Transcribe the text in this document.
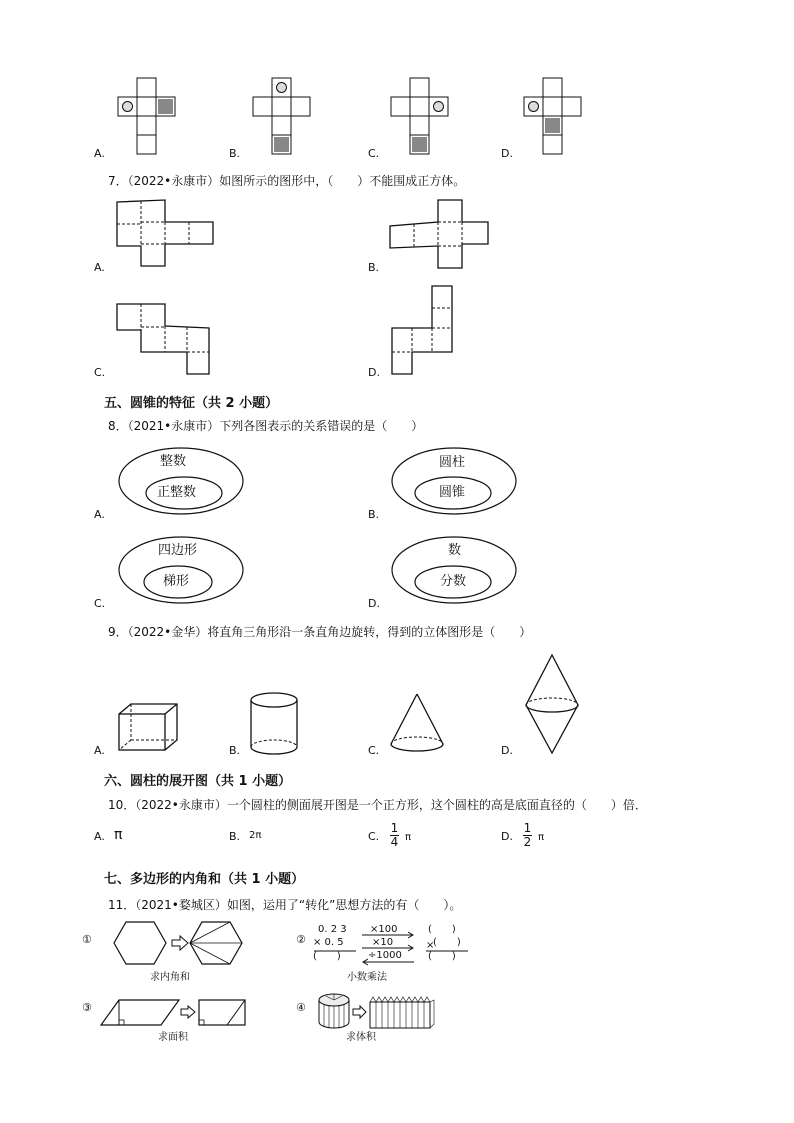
A.	B.	C.	D.
7．（2022•永康市）如图所示的图形中，（　　）不能围成正方体。
A.	B.
C.	D.
五、圆锥的特征（共 2 小题）
8．（2021•永康市）下列各图表示的关系错误的是（　　）
整数
正整数
A.
圆柱
圆锥
B.
四边形
梯形
C.
数
分数
D.
9．（2022•金华）将直角三角形沿一条直角边旋转，得到的立体图形是（　　）
A.	B.	C.	D.
六、圆柱的展开图（共 1 小题）
10．（2022•永康市）一个圆柱的侧面展开图是一个正方形，这个圆柱的高是底面直径的（　　）倍．
A. π	B. 2π	C.
1
4 π	D.
1
2 π
七、多边形的内角和（共 1 小题）
11．（2021•婺城区）如图，运用了“转化”思想方法的有（　　）。
①
求内角和
②	×
0. 2 3
× 0. 5
(　　)
×100
×10
÷1000
(　　)
(　　)
(　　)
小数乘法
③
求面积
④
求体积
